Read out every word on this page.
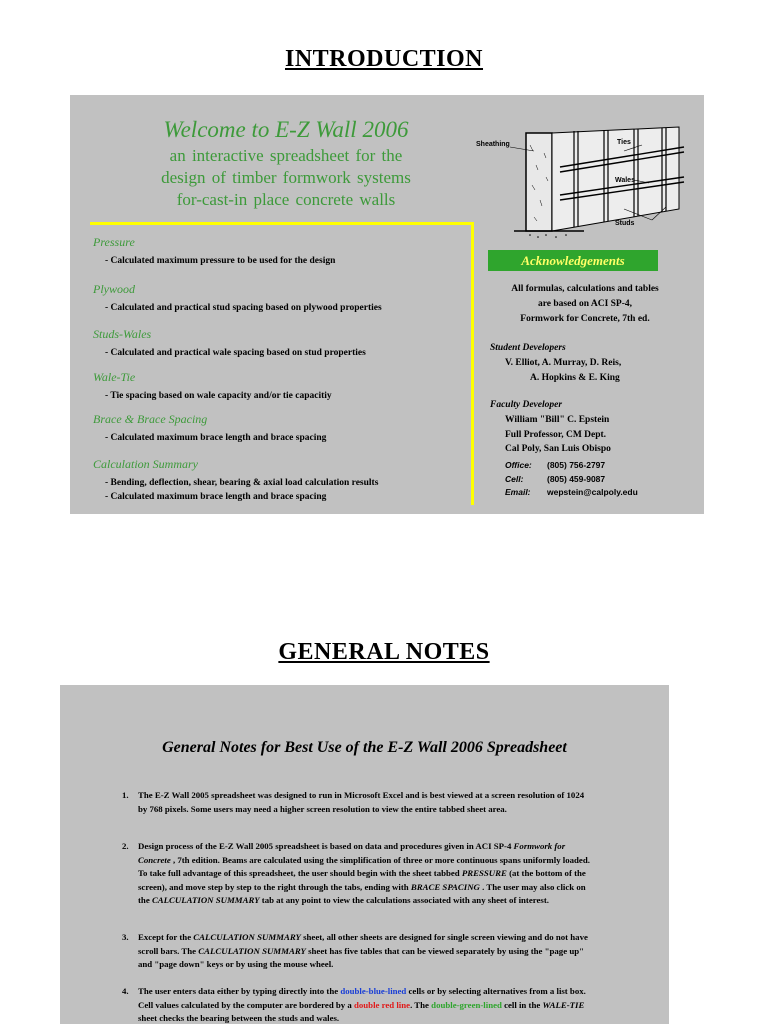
INTRODUCTION
Welcome to E-Z Wall 2006
an interactive spreadsheet for the
design of timber formwork systems
for-cast-in place concrete walls
Sheathing	Ties
Wales
Studs
Pressure
- Calculated maximum pressure to be used for the design
Plywood
- Calculated and practical stud spacing based on plywood properties
Studs-Wales
- Calculated and practical wale spacing based on stud properties
Wale-Tie
- Tie spacing based on wale capacity and/or tie capacitiy
Brace & Brace Spacing
- Calculated maximum brace length and brace spacing
Calculation Summary
- Bending, deflection, shear, bearing & axial load calculation results
- Calculated maximum brace length and brace spacing
Acknowledgements
All formulas, calculations and tables
are based on ACI SP-4,
Formwork for Concrete, 7th ed.
Student Developers
V. Elliot, A. Murray, D. Reis,
A. Hopkins & E. King
Faculty Developer
William "Bill" C. Epstein
Full Professor, CM Dept.
Cal Poly, San Luis Obispo
Office: (805) 756-2797
Cell:	(805) 459-9087
Email: wepstein@calpoly.edu
GENERAL NOTES
General Notes for Best Use of the E-Z Wall 2006 Spreadsheet
1. The E-Z Wall 2005 spreadsheet was designed to run in Microsoft Excel and is best viewed at a screen resolution of 1024 by 768 pixels. Some users may need a higher screen resolution to view the entire tabbed sheet area.
2. Design process of the E-Z Wall 2005 spreadsheet is based on data and procedures given in ACI SP-4 Formwork for Concrete , 7th edition. Beams are calculated using the simplification of three or more continuous spans uniformly loaded. To take full advantage of this spreadsheet, the user should begin with the sheet tabbed PRESSURE (at the bottom of the screen), and move step by step to the right through the tabs, ending with BRACE SPACING . The user may also click on the CALCULATION SUMMARY tab at any point to view the calculations associated with any sheet of interest.
3. Except for the CALCULATION SUMMARY sheet, all other sheets are designed for single screen viewing and do not have scroll bars. The CALCULATION SUMMARY sheet has five tables that can be viewed separately by using the "page up" and "page down" keys or by using the mouse wheel.
4. The user enters data either by typing directly into the double-blue-lined cells or by selecting alternatives from a list box. Cell values calculated by the computer are bordered by a double red line. The double-green-lined cell in the WALE-TIE sheet checks the bearing between the studs and wales.
